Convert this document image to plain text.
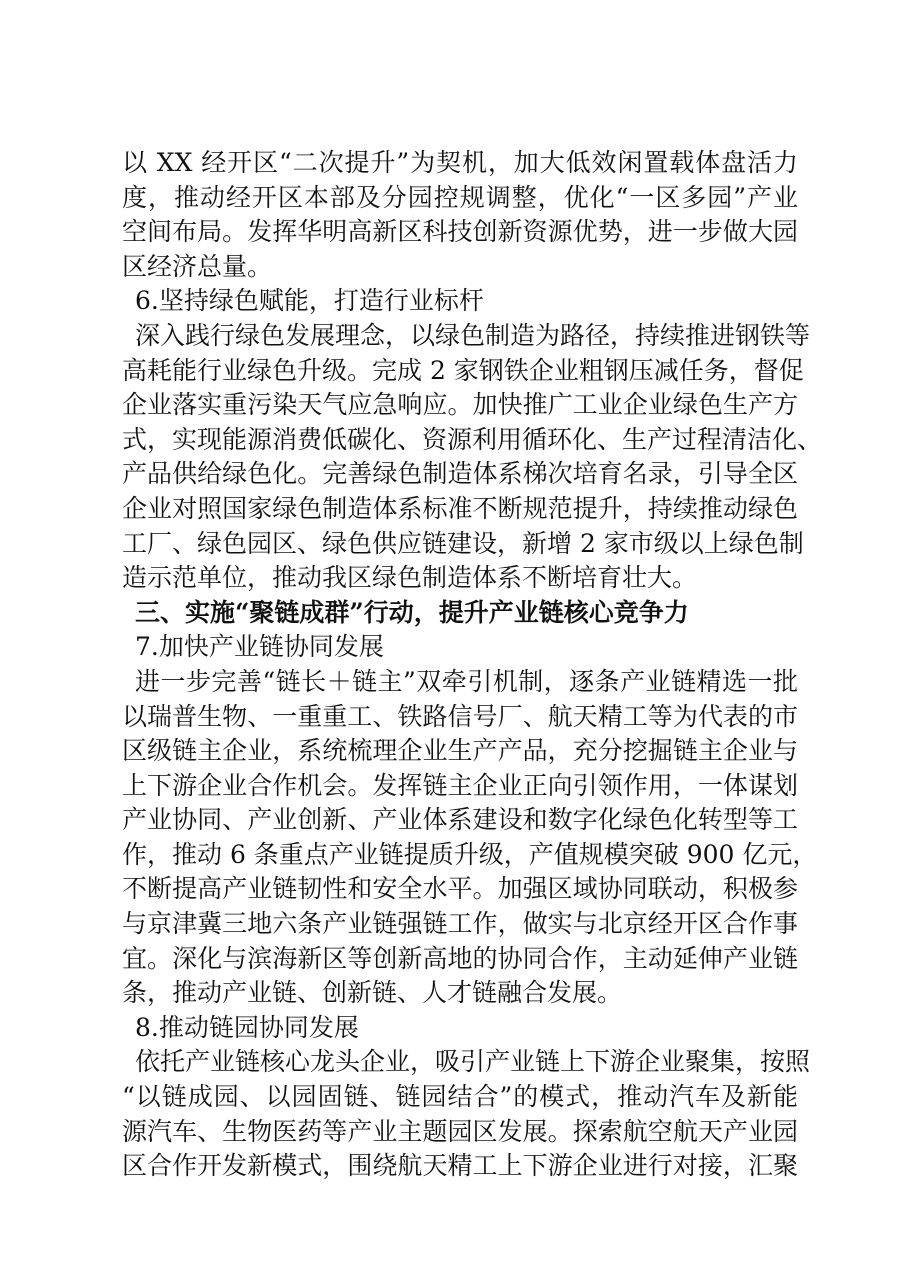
以 XX 经开区“二次提升”为契机，加大低效闲置载体盘活力
度，推动经开区本部及分园控规调整，优化“一区多园”产业
空间布局。发挥华明高新区科技创新资源优势，进一步做大园
区经济总量。
6.坚持绿色赋能，打造行业标杆
深入践行绿色发展理念，以绿色制造为路径，持续推进钢铁等
高耗能行业绿色升级。完成 2 家钢铁企业粗钢压减任务，督促
企业落实重污染天气应急响应。加快推广工业企业绿色生产方
式，实现能源消费低碳化、资源利用循环化、生产过程清洁化、
产品供给绿色化。完善绿色制造体系梯次培育名录，引导全区
企业对照国家绿色制造体系标准不断规范提升，持续推动绿色
工厂、绿色园区、绿色供应链建设，新增 2 家市级以上绿色制
造示范单位，推动我区绿色制造体系不断培育壮大。
三、实施“聚链成群”行动，提升产业链核心竞争力
7.加快产业链协同发展
进一步完善“链长＋链主”双牵引机制，逐条产业链精选一批
以瑞普生物、一重重工、铁路信号厂、航天精工等为代表的市
区级链主企业，系统梳理企业生产产品，充分挖掘链主企业与
上下游企业合作机会。发挥链主企业正向引领作用，一体谋划
产业协同、产业创新、产业体系建设和数字化绿色化转型等工
作，推动 6 条重点产业链提质升级，产值规模突破 900 亿元，
不断提高产业链韧性和安全水平。加强区域协同联动，积极参
与京津冀三地六条产业链强链工作，做实与北京经开区合作事
宜。深化与滨海新区等创新高地的协同合作，主动延伸产业链
条，推动产业链、创新链、人才链融合发展。
8.推动链园协同发展
依托产业链核心龙头企业，吸引产业链上下游企业聚集，按照
“以链成园、以园固链、链园结合”的模式，推动汽车及新能
源汽车、生物医药等产业主题园区发展。探索航空航天产业园
区合作开发新模式，围绕航天精工上下游企业进行对接，汇聚
